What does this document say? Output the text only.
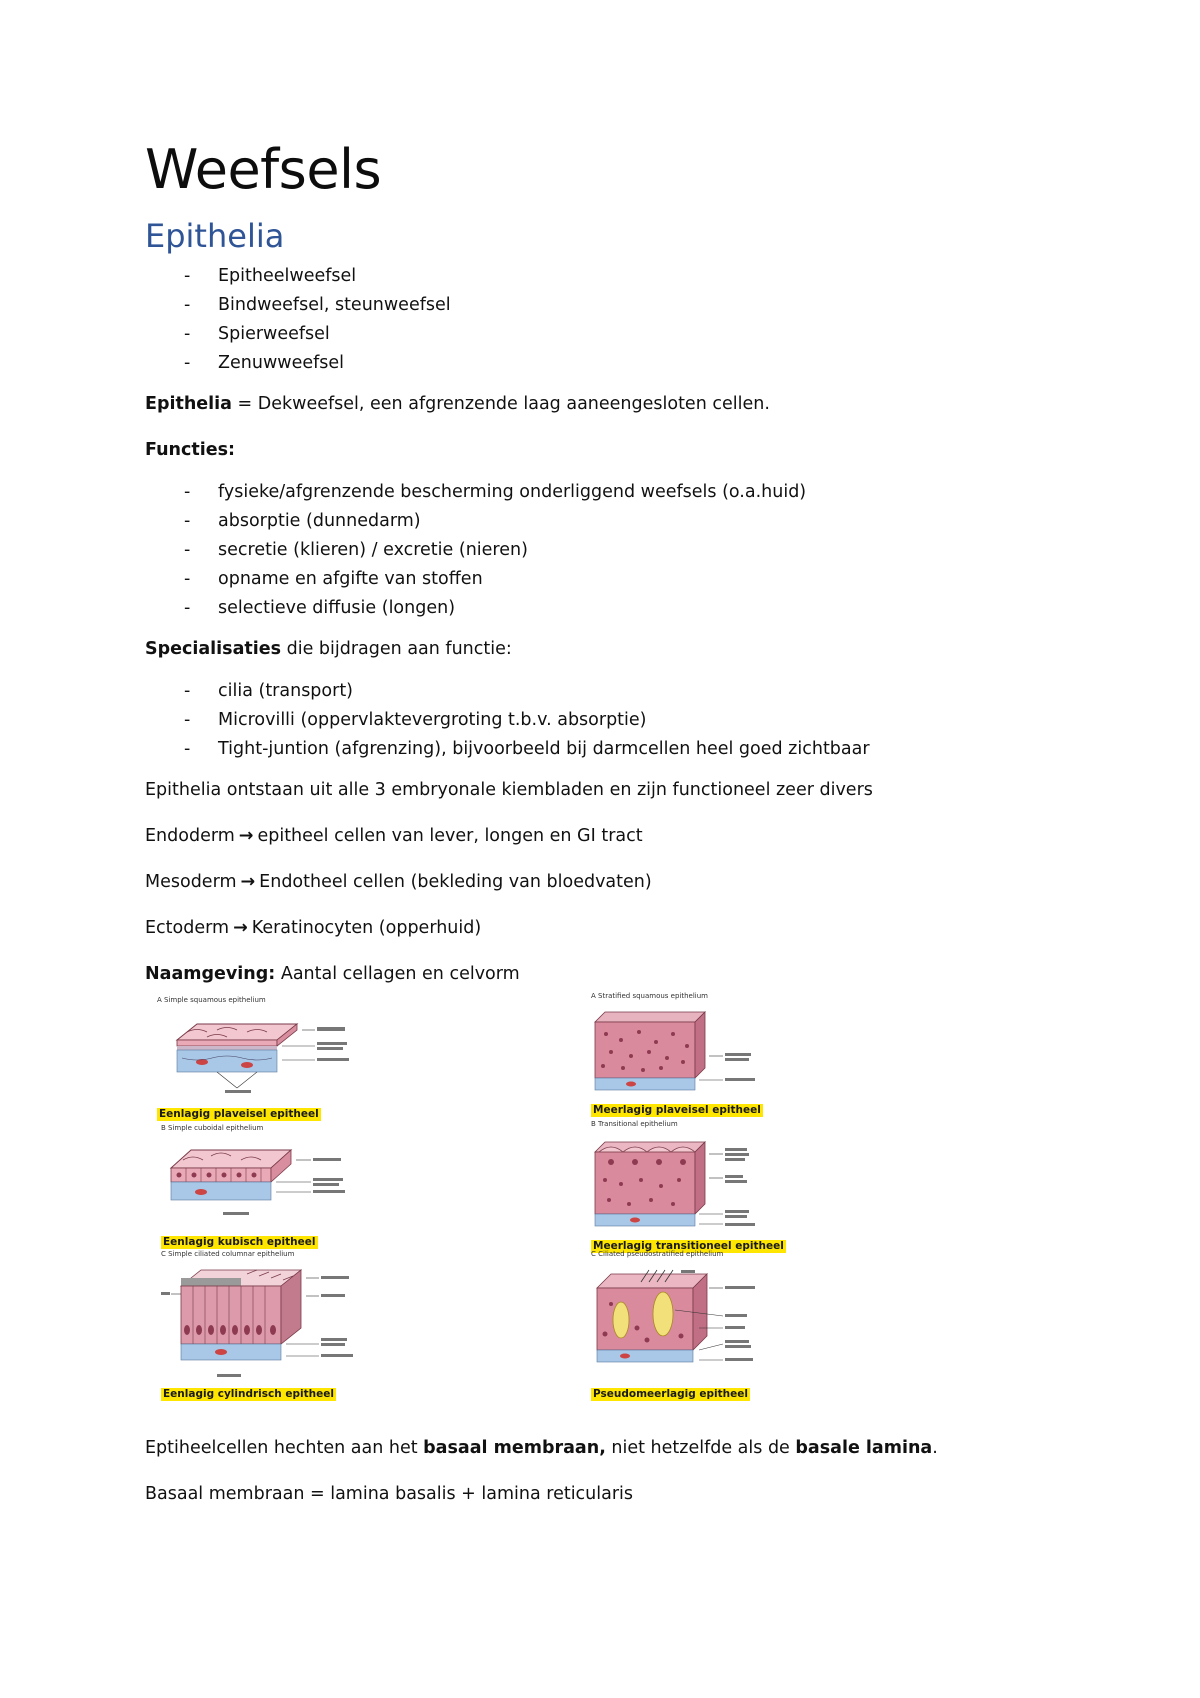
Weefsels
Epithelia
- Epitheelweefsel
- Bindweefsel, steunweefsel
- Spierweefsel
- Zenuwweefsel

Epithelia = Dekweefsel, een afgrenzende laag aaneengesloten cellen.

Functies:

- fysieke/afgrenzende bescherming onderliggend weefsels (o.a.huid)
- absorptie (dunnedarm)
- secretie (klieren) / excretie (nieren)
- opname en afgifte van stoffen
- selectieve diffusie (longen)

Specialisaties die bijdragen aan functie:

- cilia (transport)
- Microvilli (oppervlaktevergroting t.b.v. absorptie)
- Tight-juntion (afgrenzing), bijvoorbeeld bij darmcellen heel goed zichtbaar

Epithelia ontstaan uit alle 3 embryonale kiembladen en zijn functioneel zeer divers

Endoderm → epitheel cellen van lever, longen en GI tract

Mesoderm → Endotheel cellen (bekleding van bloedvaten)

Ectoderm → Keratinocyten (opperhuid)

Naamgeving: Aantal cellagen en celvorm

A Simple squamous epithelium
Eenlagig plaveisel epitheel
A Stratified squamous epithelium
Meerlagig plaveisel epitheel
B Simple cuboidal epithelium
Eenlagig kubisch epitheel
B Transitional epithelium
Meerlagig transitioneel epitheel
C Simple ciliated columnar epithelium
Eenlagig cylindrisch epitheel
C Ciliated pseudostratified epithelium
Pseudomeerlagig epitheel

Eptiheelcellen hechten aan het basaal membraan, niet hetzelfde als de basale lamina.

Basaal membraan = lamina basalis + lamina reticularis
